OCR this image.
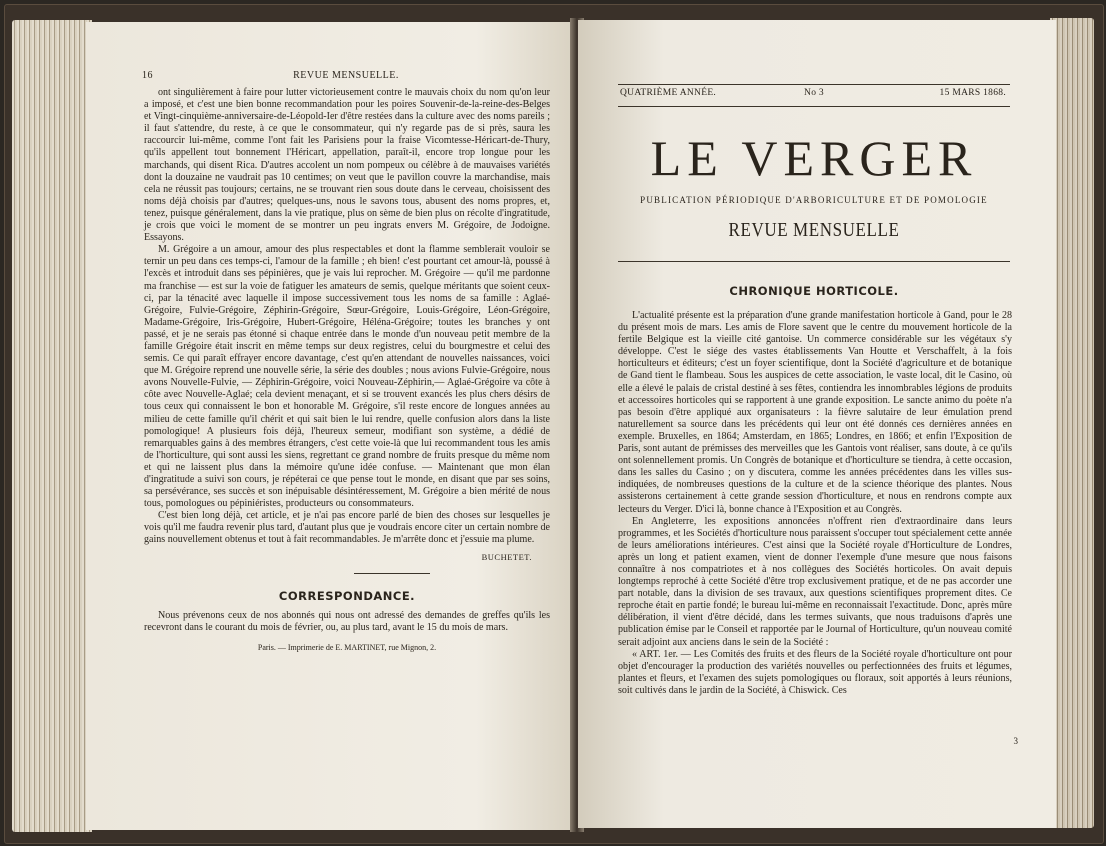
16	REVUE MENSUELLE.

ont singulièrement à faire pour lutter victorieusement contre le mauvais choix du nom qu'on leur a imposé, et c'est une bien bonne recommandation pour les poires Souvenir-de-la-reine-des-Belges et Vingt-cinquième-anniversaire-de-Léopold-Ier d'être restées dans la culture avec des noms pareils ; il faut s'attendre, du reste, à ce que le consommateur, qui n'y regarde pas de si près, saura les raccourcir lui-même, comme l'ont fait les Parisiens pour la fraise Vicomtesse-Héricart-de-Thury, qu'ils appellent tout bonnement l'Héricart, appellation, paraît-il, encore trop longue pour les marchands, qui disent Rica. D'autres accolent un nom pompeux ou célèbre à de mauvaises variétés dont la douzaine ne vaudrait pas 10 centimes; on veut que le pavillon couvre la marchandise, mais cela ne réussit pas toujours; certains, ne se trouvant rien sous doute dans le cerveau, choisissent des noms déjà choisis par d'autres; quelques-uns, nous le savons tous, abusent des noms propres, et, tenez, puisque généralement, dans la vie pratique, plus on sème de bien plus on récolte d'ingratitude, je crois que voici le moment de se montrer un peu ingrats envers M. Grégoire, de Jodoigne. Essayons.

M. Grégoire a un amour, amour des plus respectables et dont la flamme semblerait vouloir se ternir un peu dans ces temps-ci, l'amour de la famille ; eh bien! c'est pourtant cet amour-là, poussé à l'excès et introduit dans ses pépinières, que je vais lui reprocher. M. Grégoire — qu'il me pardonne ma franchise — est sur la voie de fatiguer les amateurs de semis, quelque méritants que soient ceux-ci, par la ténacité avec laquelle il impose successivement tous les noms de sa famille : Aglaé-Grégoire, Fulvie-Grégoire, Zéphirin-Grégoire, Sœur-Grégoire, Louis-Grégoire, Léon-Grégoire, Madame-Grégoire, Iris-Grégoire, Hubert-Grégoire, Héléna-Grégoire; toutes les branches y ont passé, et je ne serais pas étonné si chaque entrée dans le monde d'un nouveau petit membre de la famille Grégoire était inscrit en même temps sur deux registres, celui du bourgmestre et celui des semis. Ce qui paraît effrayer encore davantage, c'est qu'en attendant de nouvelles naissances, voici que M. Grégoire reprend une nouvelle série, la série des doubles ; nous avions Fulvie-Grégoire, nous avons Nouvelle-Fulvie, — Zéphirin-Grégoire, voici Nouveau-Zéphirin,— Aglaé-Grégoire va côte à côte avec Nouvelle-Aglaé; cela devient menaçant, et si se trouvent exancés les plus chers désirs de tous ceux qui connaissent le bon et honorable M. Grégoire, s'il reste encore de longues années au milieu de cette famille qu'il chérit et qui sait bien le lui rendre, quelle confusion alors dans la liste pomologique! A plusieurs fois déjà, l'heureux semeur, modifiant son système, a dédié de remarquables gains à des membres étrangers, c'est cette voie-là que lui recommandent tous les amis de l'horticulture, qui sont aussi les siens, regrettant ce grand nombre de fruits presque du même nom et qui ne laissent plus dans la mémoire qu'une idée confuse. — Maintenant que mon élan d'ingratitude a suivi son cours, je répéterai ce que pense tout le monde, en disant que par ses soins, sa persévérance, ses succès et son inépuisable désintéressement, M. Grégoire a bien mérité de nous tous, pomologues ou pépiniéristes, producteurs ou consommateurs.

C'est bien long déjà, cet article, et je n'ai pas encore parlé de bien des choses sur lesquelles je vois qu'il me faudra revenir plus tard, d'autant plus que je voudrais encore citer un certain nombre de gains nouvellement obtenus et tout à fait recommandables. Je m'arrête donc et j'essuie ma plume.

BUCHETET.
CORRESPONDANCE.

Nous prévenons ceux de nos abonnés qui nous ont adressé des demandes de greffes qu'ils les recevront dans le courant du mois de février, ou, au plus tard, avant le 15 du mois de mars.

Paris. — Imprimerie de E. MARTINET, rue Mignon, 2.
QUATRIÈME ANNÉE.	No 3	15 MARS 1868.
LE VERGER
PUBLICATION PÉRIODIQUE D'ARBORICULTURE ET DE POMOLOGIE
REVUE MENSUELLE
CHRONIQUE HORTICOLE.

L'actualité présente est la préparation d'une grande manifestation horticole à Gand, pour le 28 du présent mois de mars. Les amis de Flore savent que le centre du mouvement horticole de la fertile Belgique est la vieille cité gantoise. Un commerce considérable sur les végétaux s'y développe. C'est le siége des vastes établissements Van Houtte et Verschaffelt, à la fois horticulteurs et éditeurs; c'est un foyer scientifique, dont la Société d'agriculture et de botanique de Gand tient le flambeau. Sous les auspices de cette association, le vaste local, dit le Casino, où elle a élevé le palais de cristal destiné à ses fêtes, contiendra les innombrables légions de produits et accessoires horticoles qui se rapportent à une grande exposition. Le sancte animo du poète n'a pas besoin d'être appliqué aux organisateurs : la fièvre salutaire de leur émulation prend naturellement sa source dans les précédents qui leur ont été donnés ces dernières années en exemple. Bruxelles, en 1864; Amsterdam, en 1865; Londres, en 1866; et enfin l'Exposition de Paris, sont autant de prémisses des merveilles que les Gantois vont réaliser, sans doute, à ce qu'ils ont solennellement promis. Un Congrès de botanique et d'horticulture se tiendra, à cette occasion, dans les salles du Casino ; on y discutera, comme les années précédentes dans les villes sus-indiquées, de nombreuses questions de la culture et de la science théorique des plantes. Nous assisterons certainement à cette grande session d'horticulture, et nous en rendrons compte aux lecteurs du Verger. D'ici là, bonne chance à l'Exposition et au Congrès.

En Angleterre, les expositions annoncées n'offrent rien d'extraordinaire dans leurs programmes, et les Sociétés d'horticulture nous paraissent s'occuper tout spécialement cette année de leurs améliorations intérieures. C'est ainsi que la Société royale d'Horticulture de Londres, après un long et patient examen, vient de donner l'exemple d'une mesure que nous faisons connaître à nos compatriotes et à nos collègues des Sociétés horticoles. On avait depuis longtemps reproché à cette Société d'être trop exclusivement pratique, et de ne pas accorder une part notable, dans la division de ses travaux, aux questions scientifiques proprement dites. Ce reproche était en partie fondé; le bureau lui-même en reconnaissait l'exactitude. Donc, après mûre délibération, il vient d'être décidé, dans les termes suivants, que nous traduisons d'après une publication émise par le Conseil et rapportée par le Journal of Horticulture, qu'un nouveau comité serait adjoint aux anciens dans le sein de la Société :

« ART. 1er. — Les Comités des fruits et des fleurs de la Société royale d'horticulture ont pour objet d'encourager la production des variétés nouvelles ou perfectionnées des fruits et légumes, plantes et fleurs, et l'examen des sujets pomologiques ou floraux, soit apportés à leurs réunions, soit cultivés dans le jardin de la Société, à Chiswick. Ces

3
